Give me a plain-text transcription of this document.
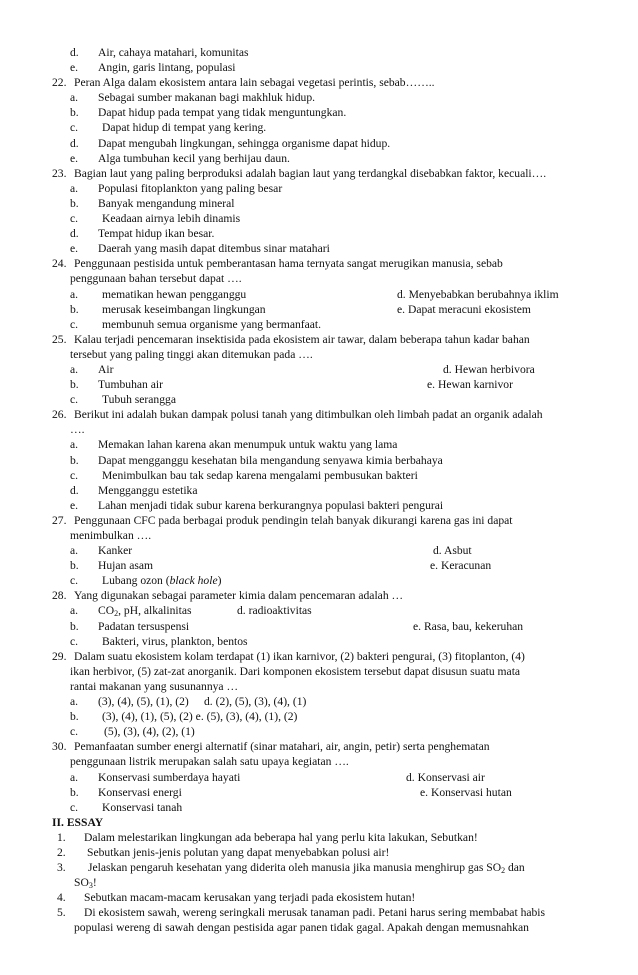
d. Air, cahaya matahari, komunitas
e. Angin, garis lintang, populasi
22. Peran Alga dalam ekosistem antara lain sebagai vegetasi perintis, sebab……..
a. Sebagai sumber makanan bagi makhluk hidup.
b. Dapat hidup pada tempat yang tidak menguntungkan.
c. Dapat hidup di tempat yang kering.
d. Dapat mengubah lingkungan, sehingga organisme dapat hidup.
e. Alga tumbuhan kecil yang berhijau daun.
23. Bagian laut yang paling berproduksi adalah bagian laut yang terdangkal disebabkan faktor, kecuali….
a. Populasi fitoplankton yang paling besar
b. Banyak mengandung mineral
c. Keadaan airnya lebih dinamis
d. Tempat hidup ikan besar.
e. Daerah yang masih dapat ditembus sinar matahari
24. Penggunaan pestisida untuk pemberantasan hama ternyata sangat merugikan manusia, sebab
penggunaan bahan tersebut dapat ….
a. mematikan hewan pengganggu	d. Menyebabkan berubahnya iklim
b. merusak keseimbangan lingkungan	e. Dapat meracuni ekosistem
c. membunuh semua organisme yang bermanfaat.
25. Kalau terjadi pencemaran insektisida pada ekosistem air tawar, dalam beberapa tahun kadar bahan
tersebut yang paling tinggi akan ditemukan pada ….
a. Air	d. Hewan herbivora
b. Tumbuhan air	e. Hewan karnivor
c. Tubuh serangga
26. Berikut ini adalah bukan dampak polusi tanah yang ditimbulkan oleh limbah padat an organik adalah
….
a. Memakan lahan karena akan menumpuk untuk waktu yang lama
b. Dapat mengganggu kesehatan bila mengandung senyawa kimia berbahaya
c. Menimbulkan bau tak sedap karena mengalami pembusukan bakteri
d. Mengganggu estetika
e. Lahan menjadi tidak subur karena berkurangnya populasi bakteri pengurai
27. Penggunaan CFC pada berbagai produk pendingin telah banyak dikurangi karena gas ini dapat
menimbulkan ….
a. Kanker	d. Asbut
b. Hujan asam	e. Keracunan
c. Lubang ozon (black hole)
28. Yang digunakan sebagai parameter kimia dalam pencemaran adalah …
a. $CO_2$, pH, alkalinitas	d. radioaktivitas
b. Padatan tersuspensi	e. Rasa, bau, kekeruhan
c. Bakteri, virus, plankton, bentos
29. Dalam suatu ekosistem kolam terdapat (1) ikan karnivor, (2) bakteri pengurai, (3) fitoplanton, (4)
ikan herbivor, (5) zat-zat anorganik. Dari komponen ekosistem tersebut dapat disusun suatu mata
rantai makanan yang susunannya …
a. (3), (4), (5), (1), (2) d. (2), (5), (3), (4), (1)
b. (3), (4), (1), (5), (2) e. (5), (3), (4), (1), (2)
c. (5), (3), (4), (2), (1)
30. Pemanfaatan sumber energi alternatif (sinar matahari, air, angin, petir) serta penghematan
penggunaan listrik merupakan salah satu upaya kegiatan ….
a. Konservasi sumberdaya hayati	d. Konservasi air
b. Konservasi energi	e. Konservasi hutan
c. Konservasi tanah
II. ESSAY
1. Dalam melestarikan lingkungan ada beberapa hal yang perlu kita lakukan, Sebutkan!
2. Sebutkan jenis-jenis polutan yang dapat menyebabkan polusi air!
3. Jelaskan pengaruh kesehatan yang diderita oleh manusia jika manusia menghirup gas $SO_2$ dan
$SO_3$!
4. Sebutkan macam-macam kerusakan yang terjadi pada ekosistem hutan!
5. Di ekosistem sawah, wereng seringkali merusak tanaman padi. Petani harus sering membabat habis
populasi wereng di sawah dengan pestisida agar panen tidak gagal. Apakah dengan memusnahkan
